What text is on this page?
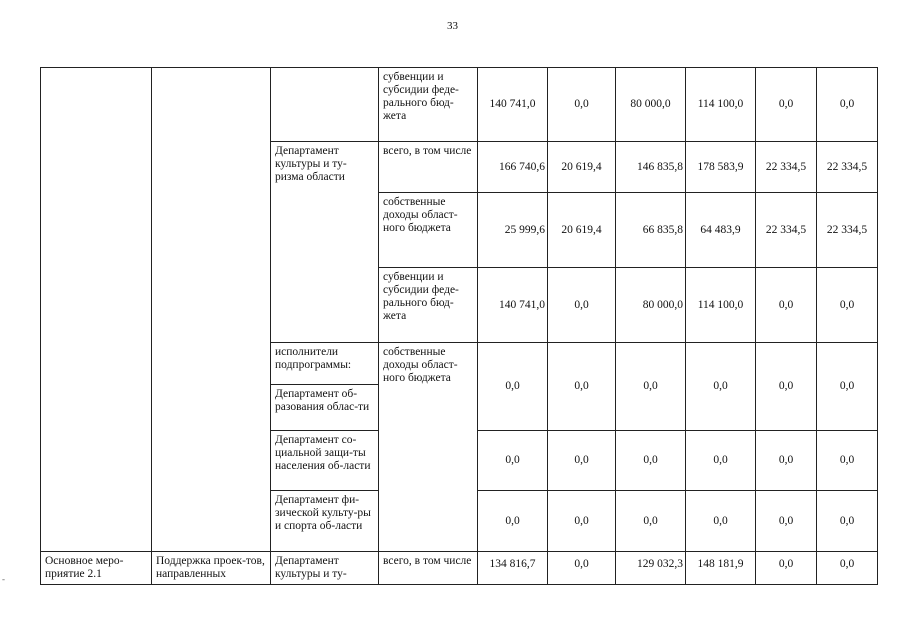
33
-
			субвенции и субсидии феде-ральногo бюд-жета	140 741,0	0,0	80 000,0	114 100,0	0,0	0,0
		Департамент культуры и ту-ризма области	всего, в том числе	166 740,6	20 619,4	146 835,8	178 583,9	22 334,5	22 334,5
			собственные доходы област-ного бюджета	25 999,6	20 619,4	66 835,8	64 483,9	22 334,5	22 334,5
			субвенции и субсидии феде-ральногo бюд-жета	140 741,0	0,0	80 000,0	114 100,0	0,0	0,0
		исполнители подпрограммы:	собственные доходы област-ного бюджета	0,0	0,0	0,0	0,0	0,0	0,0
		Департамент об-разования облас-ти							
		Департамент со-циальной защи-ты населения об-ласти		0,0	0,0	0,0	0,0	0,0	0,0
		Департамент фи-зической культу-ры и спорта об-ласти		0,0	0,0	0,0	0,0	0,0	0,0
Основное меро-приятие 2.1	Поддержка проек-тов, направленных	Департамент культуры и ту-	всего, в том числе	134 816,7	0,0	129 032,3	148 181,9	0,0	0,0
